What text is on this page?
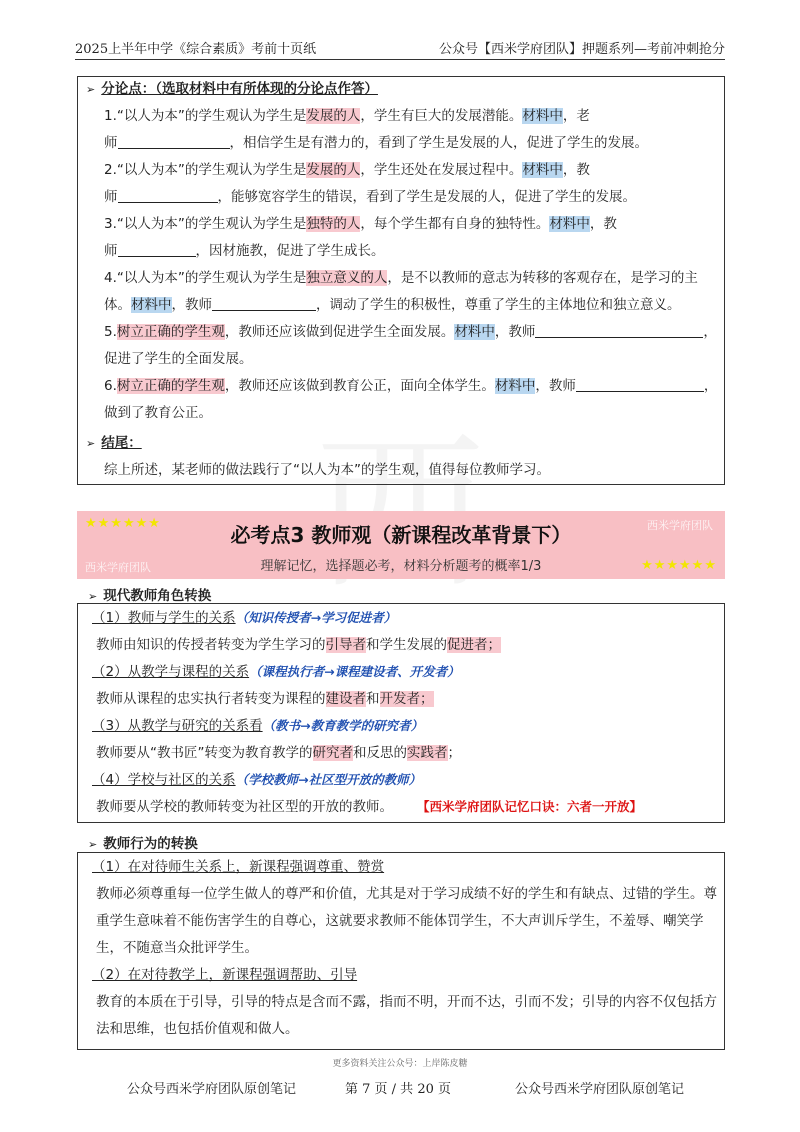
2025上半年中学《综合素质》考前十页纸	公众号【西米学府团队】押题系列—考前冲刺抢分
➢ 分论点：（选取材料中有所体现的分论点作答）
1.“以人为本”的学生观认为学生是发展的人，学生有巨大的发展潜能。材料中，老
师	，相信学生是有潜力的，看到了学生是发展的人，促进了学生的发展。
2.“以人为本”的学生观认为学生是发展的人，学生还处在发展过程中。材料中，教
师	，能够宽容学生的错误，看到了学生是发展的人，促进了学生的发展。
3.“以人为本”的学生观认为学生是独特的人，每个学生都有自身的独特性。材料中，教
师	，因材施教，促进了学生成长。
4.“以人为本”的学生观认为学生是独立意义的人，是不以教师的意志为转移的客观存在，是学习的主
体。材料中，教师	，调动了学生的积极性，尊重了学生的主体地位和独立意义。
5.树立正确的学生观，教师还应该做到促进学生全面发展。材料中，教师	，
促进了学生的全面发展。
6.树立正确的学生观，教师还应该做到教育公正，面向全体学生。材料中，教师	，
做到了教育公正。
➢ 结尾：
综上所述，某老师的做法践行了“以人为本”的学生观，值得每位教师学习。
★★★★★★	西米学府团队
必考点3 教师观（新课程改革背景下）
西米学府团队	理解记忆，选择题必考，材料分析题考的概率1/3	★★★★★★
➢ 现代教师角色转换
（1）教师与学生的关系（知识传授者→学习促进者）
教师由知识的传授者转变为学生学习的引导者和学生发展的促进者；
（2）从教学与课程的关系（课程执行者→课程建设者、开发者）
教师从课程的忠实执行者转变为课程的建设者和开发者；
（3）从教学与研究的关系看（教书→教育教学的研究者）
教师要从“教书匠”转变为教育教学的研究者和反思的实践者；
（4）学校与社区的关系（学校教师→社区型开放的教师）
教师要从学校的教师转变为社区型的开放的教师。 【西米学府团队记忆口诀：六者一开放】
➢ 教师行为的转换
（1）在对待师生关系上，新课程强调尊重、赞赏
教师必须尊重每一位学生做人的尊严和价值，尤其是对于学习成绩不好的学生和有缺点、过错的学生。尊
重学生意味着不能伤害学生的自尊心，这就要求教师不能体罚学生，不大声训斥学生，不羞辱、嘲笑学
生，不随意当众批评学生。
（2）在对待教学上，新课程强调帮助、引导
教育的本质在于引导，引导的特点是含而不露，指而不明，开而不达，引而不发；引导的内容不仅包括方
法和思维，也包括价值观和做人。
更多资料关注公众号：上岸陈皮糖
公众号西米学府团队原创笔记	第 7 页 / 共 20 页	公众号西米学府团队原创笔记
